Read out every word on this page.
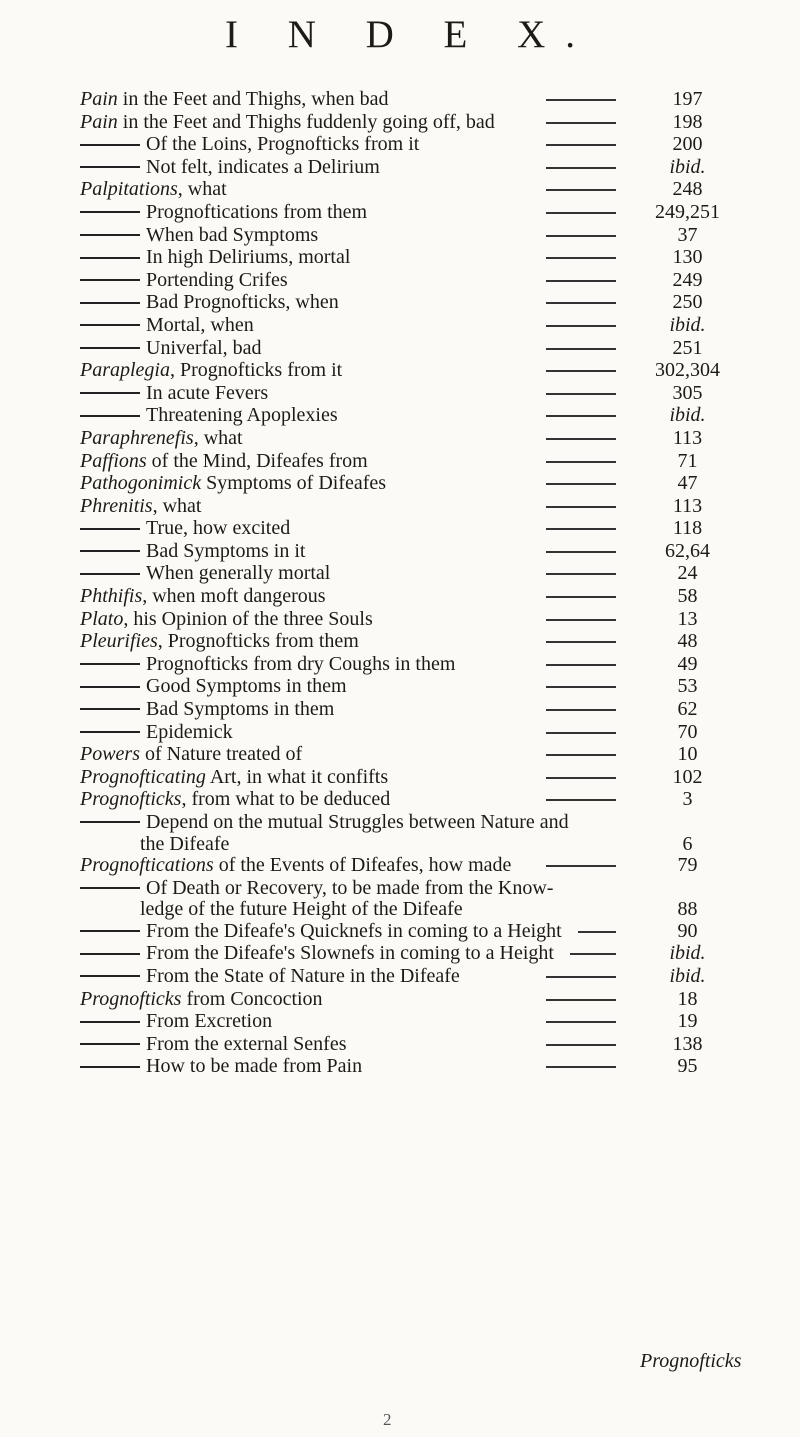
I N D E X.
Pain in the Feet and Thighs, when bad	197
Pain in the Feet and Thighs fuddenly going off, bad	198
Of the Loins, Prognofticks from it	200
Not felt, indicates a Delirium	ibid.
Palpitations, what	248
Prognoftications from them	249,251
When bad Symptoms	37
In high Deliriums, mortal	130
Portending Crifes	249
Bad Prognofticks, when	250
Mortal, when	ibid.
Univerfal, bad	251
Paraplegia, Prognofticks from it	302,304
In acute Fevers	305
Threatening Apoplexies	ibid.
Paraphrenefis, what	113
Paffions of the Mind, Difeafes from	71
Pathogonimick Symptoms of Difeafes	47
Phrenitis, what	113
True, how excited	118
Bad Symptoms in it	62,64
When generally mortal	24
Phthifis, when moft dangerous	58
Plato, his Opinion of the three Souls	13
Pleurifies, Prognofticks from them	48
Prognofticks from dry Coughs in them	49
Good Symptoms in them	53
Bad Symptoms in them	62
Epidemick	70
Powers of Nature treated of	10
Prognofticating Art, in what it confifts	102
Prognofticks, from what to be deduced	3
Depend on the mutual Struggles between Nature and
the Difeafe	6
Prognoftications of the Events of Difeafes, how made	79
Of Death or Recovery, to be made from the Know-
ledge of the future Height of the Difeafe	88
From the Difeafe's Quicknefs in coming to a Height	90
From the Difeafe's Slownefs in coming to a Height	ibid.
From the State of Nature in the Difeafe	ibid.
Prognofticks from Concoction	18
From Excretion	19
From the external Senfes	138
How to be made from Pain	95
Prognofticks
2
